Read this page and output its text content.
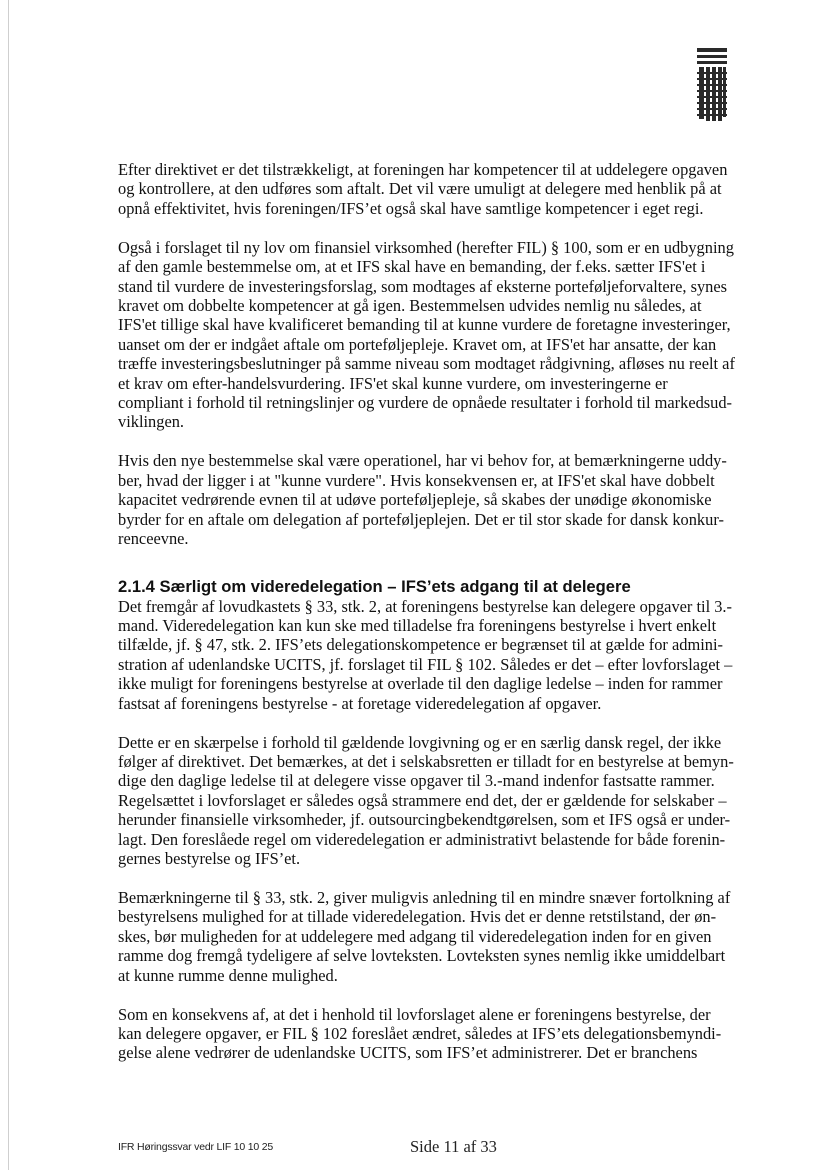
Efter direktivet er det tilstrækkeligt, at foreningen har kompetencer til at uddelegere opgaven
og kontrollere, at den udføres som aftalt. Det vil være umuligt at delegere med henblik på at
opnå effektivitet, hvis foreningen/IFS’et også skal have samtlige kompetencer i eget regi.

Også i forslaget til ny lov om finansiel virksomhed (herefter FIL) § 100, som er en udbygning
af den gamle bestemmelse om, at et IFS skal have en bemanding, der f.eks. sætter IFS'et i
stand til vurdere de investeringsforslag, som modtages af eksterne porteføljeforvaltere, synes
kravet om dobbelte kompetencer at gå igen. Bestemmelsen udvides nemlig nu således, at
IFS'et tillige skal have kvalificeret bemanding til at kunne vurdere de foretagne investeringer,
uanset om der er indgået aftale om porteføljepleje. Kravet om, at IFS'et har ansatte, der kan
træffe investeringsbeslutninger på samme niveau som modtaget rådgivning, afløses nu reelt af
et krav om efter-handelsvurdering. IFS'et skal kunne vurdere, om investeringerne er
compliant i forhold til retningslinjer og vurdere de opnåede resultater i forhold til markedsud-
viklingen.

Hvis den nye bestemmelse skal være operationel, har vi behov for, at bemærkningerne uddy-
ber, hvad der ligger i at "kunne vurdere". Hvis konsekvensen er, at IFS'et skal have dobbelt
kapacitet vedrørende evnen til at udøve porteføljepleje, så skabes der unødige økonomiske
byrder for en aftale om delegation af porteføljeplejen. Det er til stor skade for dansk konkur-
renceevne.

2.1.4 Særligt om videredelegation – IFS’ets adgang til at delegere

Det fremgår af lovudkastets § 33, stk. 2, at foreningens bestyrelse kan delegere opgaver til 3.-
mand. Videredelegation kan kun ske med tilladelse fra foreningens bestyrelse i hvert enkelt
tilfælde, jf. § 47, stk. 2. IFS’ets delegationskompetence er begrænset til at gælde for admini-
stration af udenlandske UCITS, jf. forslaget til FIL § 102. Således er det – efter lovforslaget –
ikke muligt for foreningens bestyrelse at overlade til den daglige ledelse – inden for rammer
fastsat af foreningens bestyrelse - at foretage videredelegation af opgaver.

Dette er en skærpelse i forhold til gældende lovgivning og er en særlig dansk regel, der ikke
følger af direktivet. Det bemærkes, at det i selskabsretten er tilladt for en bestyrelse at bemyn-
dige den daglige ledelse til at delegere visse opgaver til 3.-mand indenfor fastsatte rammer.
Regelsættet i lovforslaget er således også strammere end det, der er gældende for selskaber –
herunder finansielle virksomheder, jf. outsourcingbekendtgørelsen, som et IFS også er under-
lagt. Den foreslåede regel om videredelegation er administrativt belastende for både forenin-
gernes bestyrelse og IFS’et.

Bemærkningerne til § 33, stk. 2, giver muligvis anledning til en mindre snæver fortolkning af
bestyrelsens mulighed for at tillade videredelegation. Hvis det er denne retstilstand, der øn-
skes, bør muligheden for at uddelegere med adgang til videredelegation inden for en given
ramme dog fremgå tydeligere af selve lovteksten. Lovteksten synes nemlig ikke umiddelbart
at kunne rumme denne mulighed.

Som en konsekvens af, at det i henhold til lovforslaget alene er foreningens bestyrelse, der
kan delegere opgaver, er FIL § 102 foreslået ændret, således at IFS’ets delegationsbemyndi-
gelse alene vedrører de udenlandske UCITS, som IFS’et administrerer. Det er branchens

IFR Høringssvar vedr LIF 10 10 25	Side 11 af 33
